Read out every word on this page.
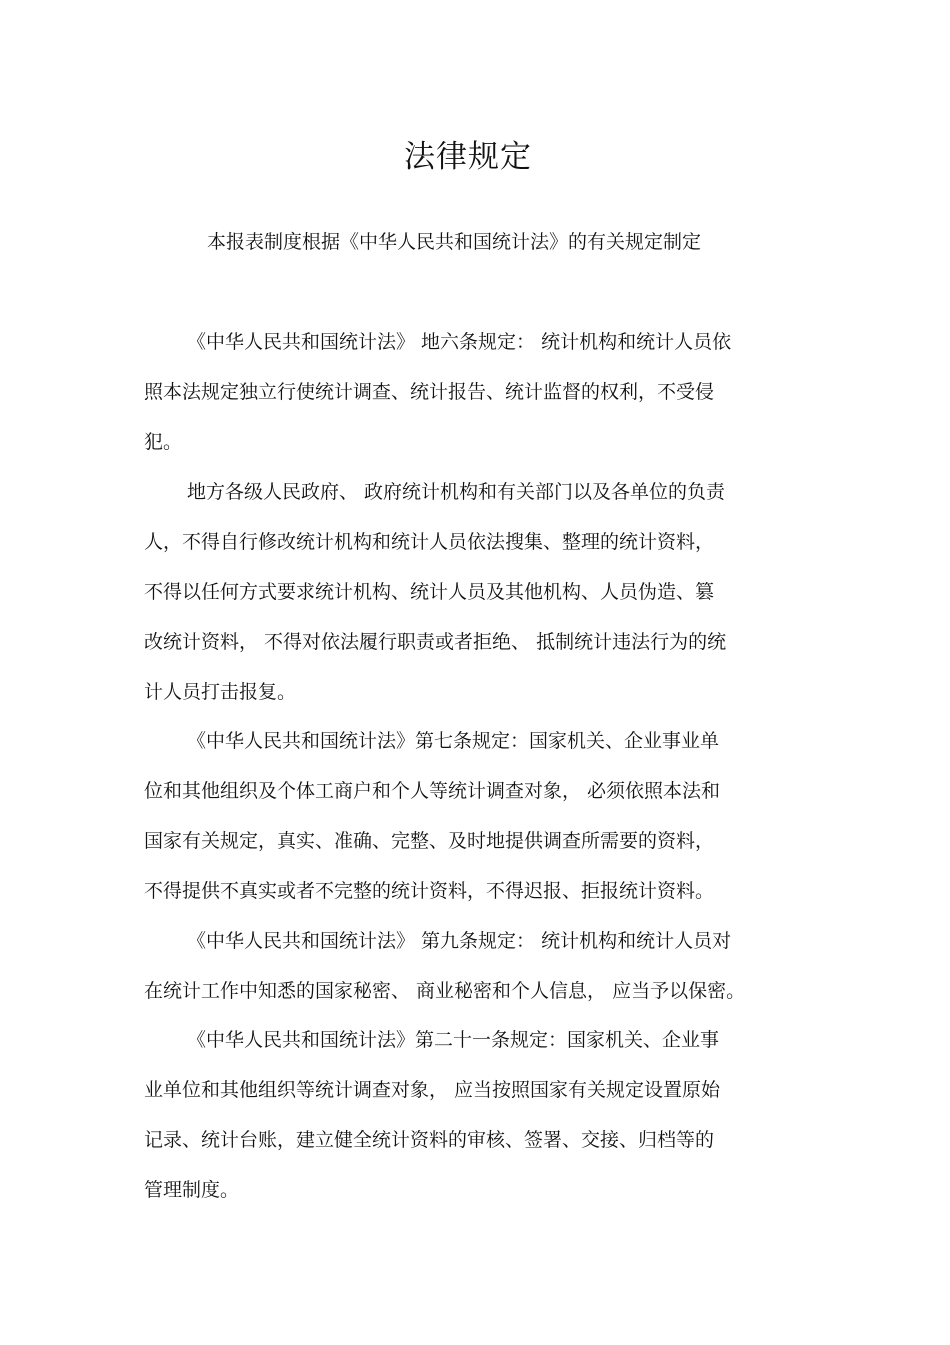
法律规定

本报表制度根据《中华人民共和国统计法》的有关规定制定

《中华人民共和国统计法》 地六条规定： 统计机构和统计人员依

照本法规定独立行使统计调查、统计报告、统计监督的权利，不受侵

犯。

地方各级人民政府、 政府统计机构和有关部门以及各单位的负责

人，不得自行修改统计机构和统计人员依法搜集、整理的统计资料，

不得以任何方式要求统计机构、统计人员及其他机构、人员伪造、篡

改统计资料， 不得对依法履行职责或者拒绝、 抵制统计违法行为的统

计人员打击报复。

《中华人民共和国统计法》第七条规定：国家机关、企业事业单

位和其他组织及个体工商户和个人等统计调查对象， 必须依照本法和

国家有关规定，真实、准确、完整、及时地提供调查所需要的资料，

不得提供不真实或者不完整的统计资料，不得迟报、拒报统计资料。

《中华人民共和国统计法》 第九条规定： 统计机构和统计人员对

在统计工作中知悉的国家秘密、 商业秘密和个人信息， 应当予以保密。

《中华人民共和国统计法》第二十一条规定：国家机关、企业事

业单位和其他组织等统计调查对象， 应当按照国家有关规定设置原始

记录、统计台账，建立健全统计资料的审核、签署、交接、归档等的

管理制度。
